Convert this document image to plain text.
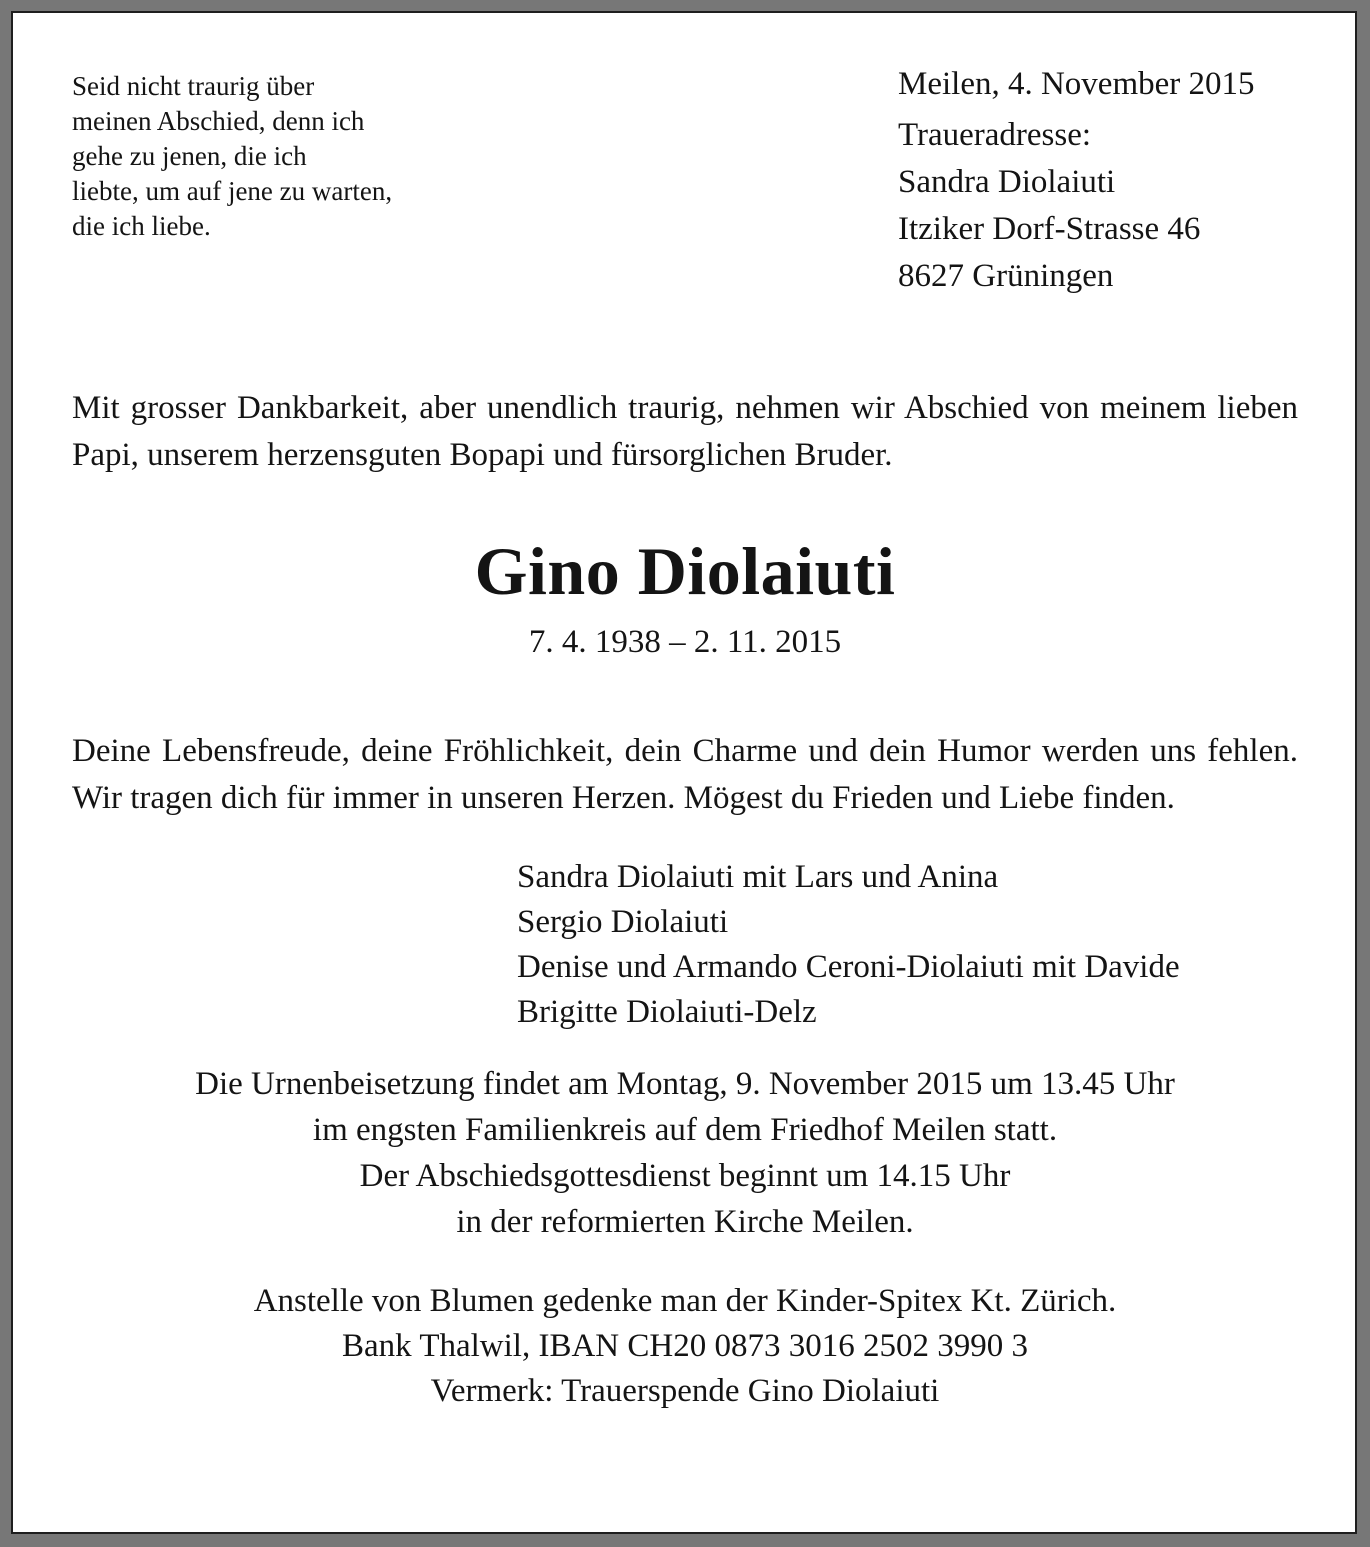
Seid nicht traurig über
meinen Abschied, denn ich
gehe zu jenen, die ich
liebte, um auf jene zu warten,
die ich liebe.
Meilen, 4. November 2015
Traueradresse:
Sandra Diolaiuti
Itziker Dorf-Strasse 46
8627 Grüningen

Mit grosser Dankbarkeit, aber unendlich traurig, nehmen wir Abschied von meinem lieben Papi, unserem herzensguten Bopapi und fürsorglichen Bruder.

Gino Diolaiuti
7. 4. 1938 – 2. 11. 2015

Deine Lebensfreude, deine Fröhlichkeit, dein Charme und dein Humor werden uns fehlen. Wir tragen dich für immer in unseren Herzen. Mögest du Frieden und Liebe finden.

Sandra Diolaiuti mit Lars und Anina
Sergio Diolaiuti
Denise und Armando Ceroni-Diolaiuti mit Davide
Brigitte Diolaiuti-Delz
Die Urnenbeisetzung findet am Montag, 9. November 2015 um 13.45 Uhr
im engsten Familienkreis auf dem Friedhof Meilen statt.
Der Abschiedsgottesdienst beginnt um 14.15 Uhr
in der reformierten Kirche Meilen.
Anstelle von Blumen gedenke man der Kinder-Spitex Kt. Zürich.
Bank Thalwil, IBAN CH20 0873 3016 2502 3990 3
Vermerk: Trauerspende Gino Diolaiuti
